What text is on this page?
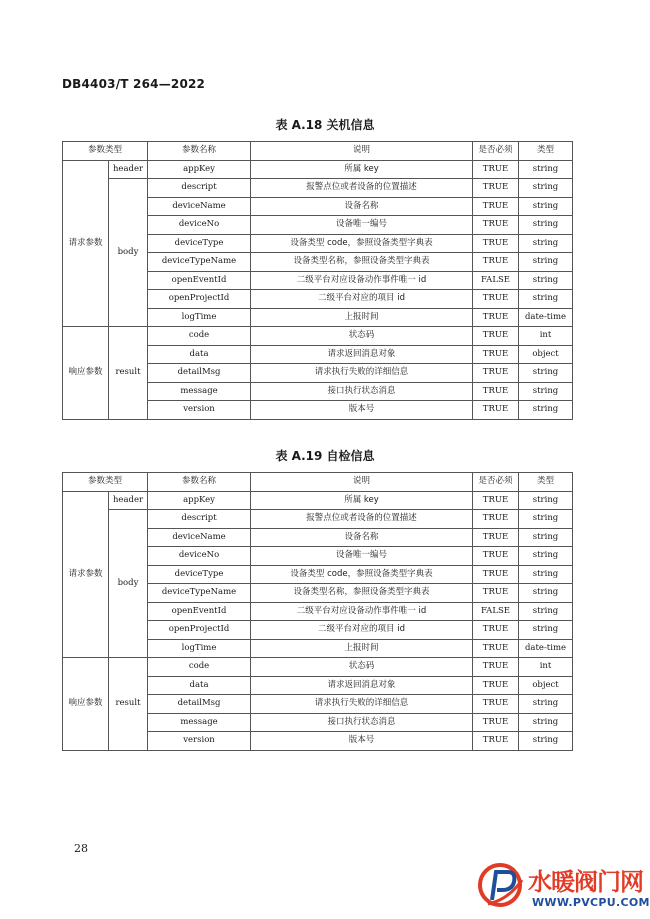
DB4403/T 264—2022
表 A.18 关机信息
参数类型		参数名称	说明	是否必须	类型
请求参数	header	appKey	所属 key	TRUE	string
	body	descript	报警点位或者设备的位置描述	TRUE	string
		deviceName	设备名称	TRUE	string
		deviceNo	设备唯一编号	TRUE	string
		deviceType	设备类型 code，参照设备类型字典表	TRUE	string
		deviceTypeName	设备类型名称，参照设备类型字典表	TRUE	string
		openEventId	二级平台对应设备动作事件唯一 id	FALSE	string
		openProjectId	二级平台对应的项目 id	TRUE	string
		logTime	上报时间	TRUE	date-time
响应参数	result	code	状态码	TRUE	int
		data	请求返回消息对象	TRUE	object
		detailMsg	请求执行失败的详细信息	TRUE	string
		message	接口执行状态消息	TRUE	string
		version	版本号	TRUE	string
表 A.19 自检信息
参数类型		参数名称	说明	是否必须	类型
请求参数	header	appKey	所属 key	TRUE	string
	body	descript	报警点位或者设备的位置描述	TRUE	string
		deviceName	设备名称	TRUE	string
		deviceNo	设备唯一编号	TRUE	string
		deviceType	设备类型 code，参照设备类型字典表	TRUE	string
		deviceTypeName	设备类型名称，参照设备类型字典表	TRUE	string
		openEventId	二级平台对应设备动作事件唯一 id	FALSE	string
		openProjectId	二级平台对应的项目 id	TRUE	string
		logTime	上报时间	TRUE	date-time
响应参数	result	code	状态码	TRUE	int
		data	请求返回消息对象	TRUE	object
		detailMsg	请求执行失败的详细信息	TRUE	string
		message	接口执行状态消息	TRUE	string
		version	版本号	TRUE	string
28
水暖阀门网
WWW.PVCPU.COM
